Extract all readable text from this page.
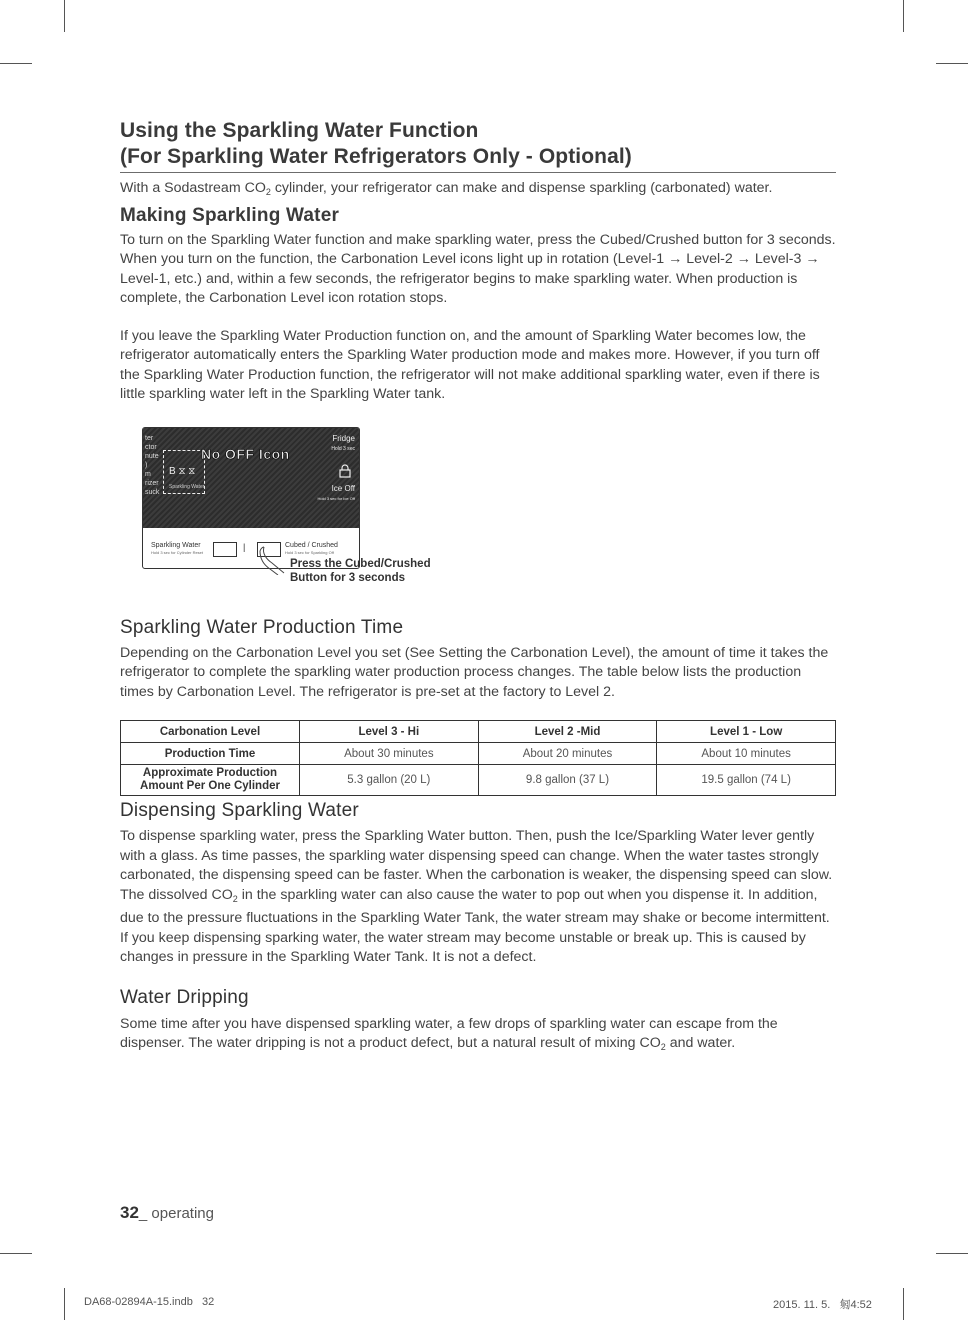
Using the Sparkling Water Function
(For Sparkling Water Refrigerators Only - Optional)

With a Sodastream $CO_2$ cylinder, your refrigerator can make and dispense sparkling (carbonated) water.

Making Sparkling Water

To turn on the Sparkling Water function and make sparkling water, press the Cubed/Crushed button for 3 seconds. When you turn on the function, the Carbonation Level icons light up in rotation (Level-1 → Level-2 → Level-3 → Level-1, etc.) and, within a few seconds, the refrigerator begins to make sparkling water. When production is complete, the Carbonation Level icon rotation stops.

If you leave the Sparkling Water Production function on, and the amount of Sparkling Water becomes low, the refrigerator automatically enters the Sparkling Water production mode and makes more. However, if you turn off the Sparkling Water Production function, the refrigerator will not make additional sparkling water, even if there is little sparkling water left in the Sparkling Water tank.

ter
ctor
nute
)
m
rizer
suck
No OFF Icon
B ⧖ ⧖
Sparkling Water
Fridge
Hold 3 sec
Ice Off
Hold 3 sec for Ice Off
Sparkling Water
Hold 3 sec for Cylinder Reset
|	Cubed / Crushed
Hold 3 sec for Sparkling Off
Press the Cubed/Crushed
Button for 3 seconds
Sparkling Water Production Time

Depending on the Carbonation Level you set (See Setting the Carbonation Level), the amount of time it takes the refrigerator to complete the sparkling water production process changes. The table below lists the production times by Carbonation Level. The refrigerator is pre-set at the factory to Level 2.

Carbonation Level	Level 3 - Hi	Level 2 -Mid	Level 1 - Low
Production Time	About 30 minutes	About 20 minutes	About 10 minutes
Approximate Production
Amount Per One Cylinder	5.3 gallon (20 L)	9.8 gallon (37 L)	19.5 gallon (74 L)
Dispensing Sparkling Water

To dispense sparkling water, press the Sparkling Water button. Then, push the Ice/Sparkling Water lever gently with a glass. As time passes, the sparkling water dispensing speed can change. When the water tastes strongly carbonated, the dispensing speed can be faster. When the carbonation is weaker, the dispensing speed can slow.

The dissolved $CO_2$ in the sparkling water can also cause the water to pop out when you dispense it. In addition, due to the pressure fluctuations in the Sparkling Water Tank, the water stream may shake or become intermittent.

If you keep dispensing sparking water, the water stream may become unstable or break up. This is caused by changes in pressure in the Sparkling Water Tank. It is not a defect.

Water Dripping

Some time after you have dispensed sparkling water, a few drops of sparkling water can escape from the dispenser. The water dripping is not a product defect, but a natural result of mixing $CO_2$ and water.

32_ operating
DA68-02894A-15.indb   32	2015. 11. 5.   匑4:52
